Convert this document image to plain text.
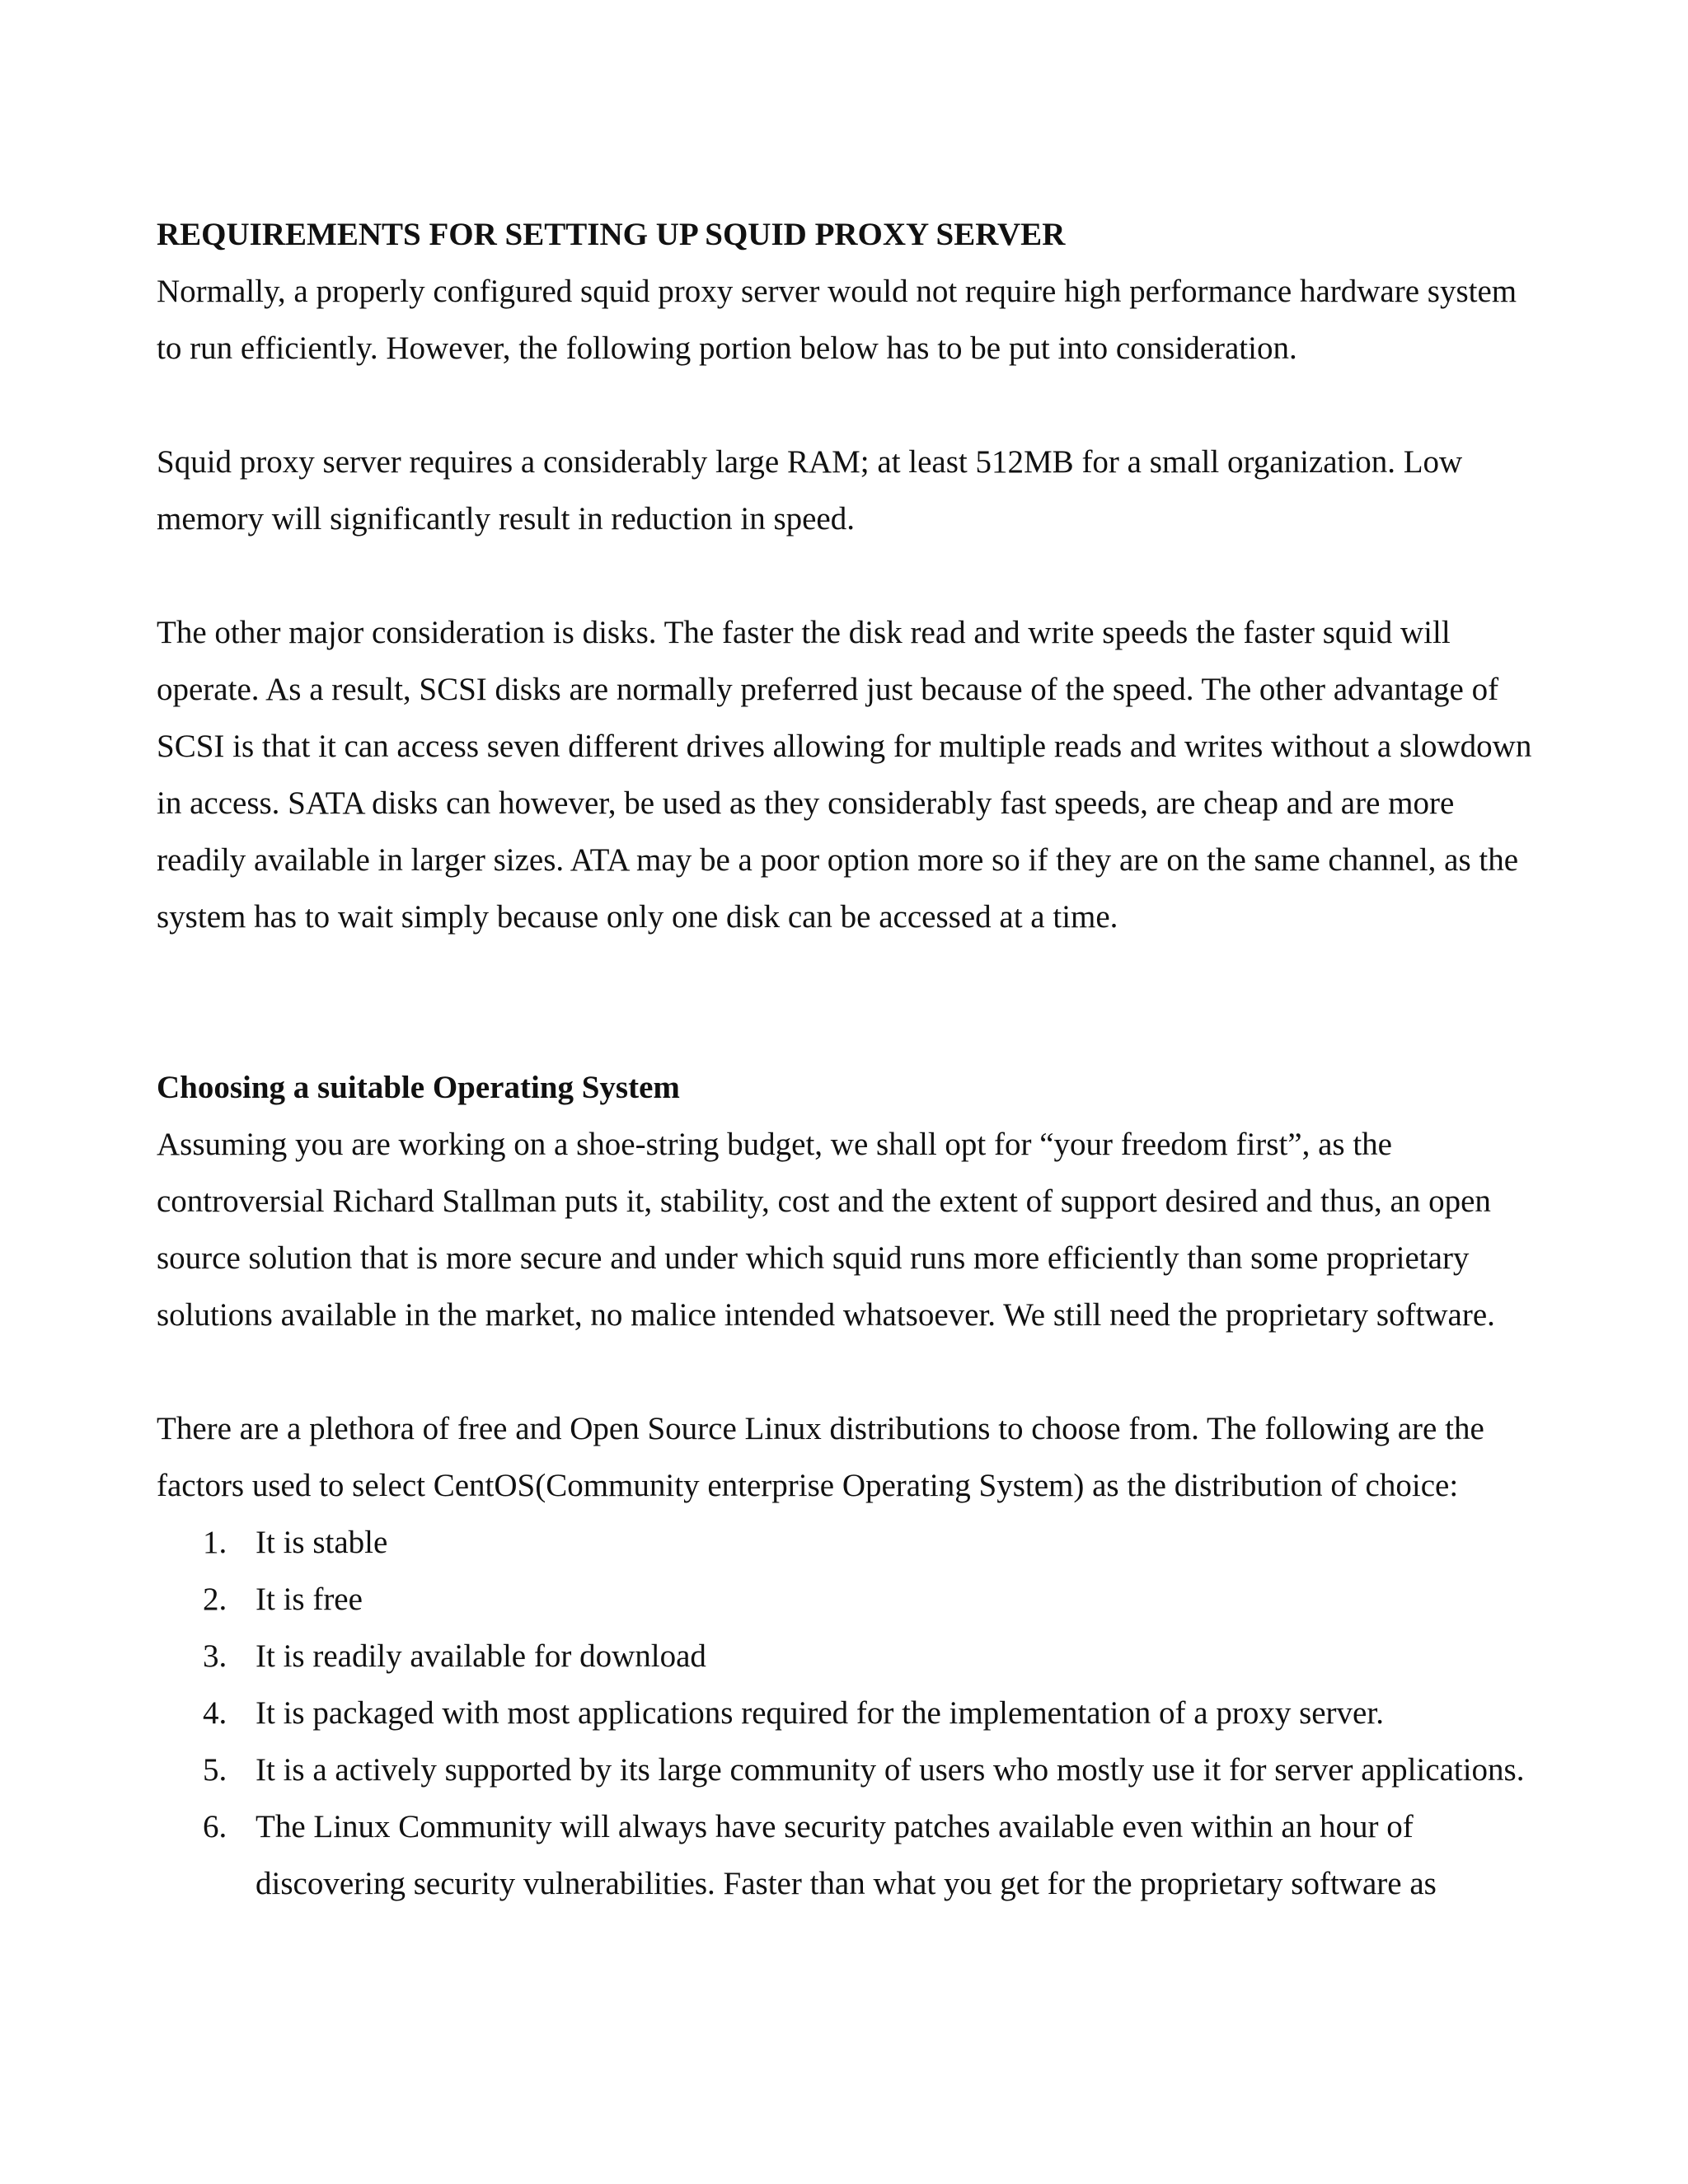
REQUIREMENTS FOR SETTING UP SQUID PROXY SERVER

Normally, a properly configured squid proxy server would not require high performance hardware system to run efficiently. However, the following portion below has to be put into consideration.

Squid proxy server requires a considerably large RAM; at least 512MB for a small organization. Low memory will significantly result in reduction in speed.

The other major consideration is disks. The faster the disk read and write speeds the faster squid will operate. As a result, SCSI disks are normally preferred just because of the speed. The other advantage of SCSI is that it can access seven different drives allowing for multiple reads and writes without a slowdown in access. SATA disks can however, be used as they considerably fast speeds, are cheap and are more readily available in larger sizes. ATA may be a poor option more so if they are on the same channel, as the system has to wait simply because only one disk can be accessed at a time.

Choosing a suitable Operating System

Assuming you are working on a shoe-string budget, we shall opt for “your freedom first”, as the controversial Richard Stallman puts it, stability, cost and the extent of support desired and thus, an open source solution that is more secure and under which squid runs more efficiently than some proprietary solutions available in the market, no malice intended whatsoever. We still need the proprietary software.

There are a plethora of free and Open Source Linux distributions to choose from. The following are the factors used to select CentOS(Community enterprise Operating System) as the distribution of choice:

1. It is stable
2. It is free
3. It is readily available for download
4. It is packaged with most applications required for the implementation of a proxy server.
5. It is a actively supported by its large community of users who mostly use it for server applications.
6. The Linux Community will always have security patches available even within an hour of discovering security vulnerabilities. Faster than what you get for the proprietary software as
